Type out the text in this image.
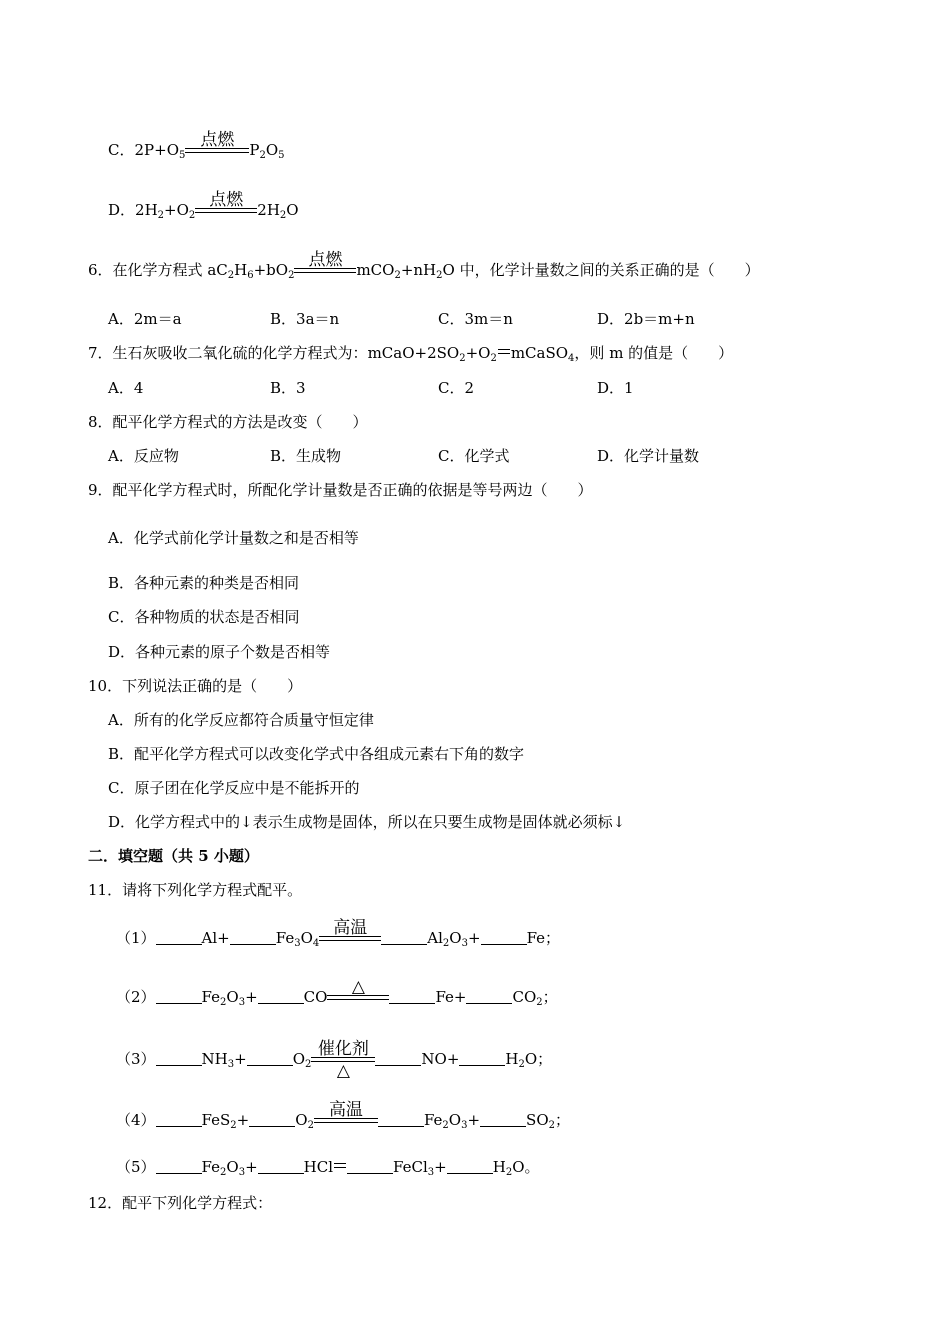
C．$2P+O_5$
点燃	$P_2O_5$
D．$2H_2+O_2$
点燃 $2H_2O$
6．在化学方程式 $aC_2H_6+bO_2$
点燃 $mCO_2+nH_2O$ 中，化学计量数之间的关系正确的是（　　）
A．2m＝a	B．3a＝n	C．3m＝n	D．2b＝m+n
7．生石灰吸收二氧化硫的化学方程式为：$mCaO+2SO_2+O_2$ mCaSO$_4$，则 m 的值是（　　）
A．4	B．3	C．2	D．1
8．配平化学方程式的方法是改变（　　）
A．反应物	B．生成物	C．化学式	D．化学计量数
9．配平化学方程式时，所配化学计量数是否正确的依据是等号两边（　　）
A．化学式前化学计量数之和是否相等
B．各种元素的种类是否相同
C．各种物质的状态是否相同
D．各种元素的原子个数是否相等
10．下列说法正确的是（　　）
A．所有的化学反应都符合质量守恒定律
B．配平化学方程式可以改变化学式中各组成元素右下角的数字
C．原子团在化学反应中是不能拆开的
D．化学方程式中的↓表示生成物是固体，所以在只要生成物是固体就必须标↓
二．填空题（共 5 小题）
11．请将下列化学方程式配平。
（1）	Al+	$Fe_3O_4$
高温	$Al_2O_3+$	Fe；
（2）	$Fe_2O_3+$	CO	△	Fe+	$CO_2$；
（3）	$NH_3+$	$O_2$
催化剂
△
NO+	$H_2O$；
（4）	FeS$_2$+	$O_2$
高温	$Fe_2O_3+$	$SO_2$；
（5）	$Fe_2O_3+$	HCl	FeCl$_3$+	$H_2O$。
12．配平下列化学方程式：
